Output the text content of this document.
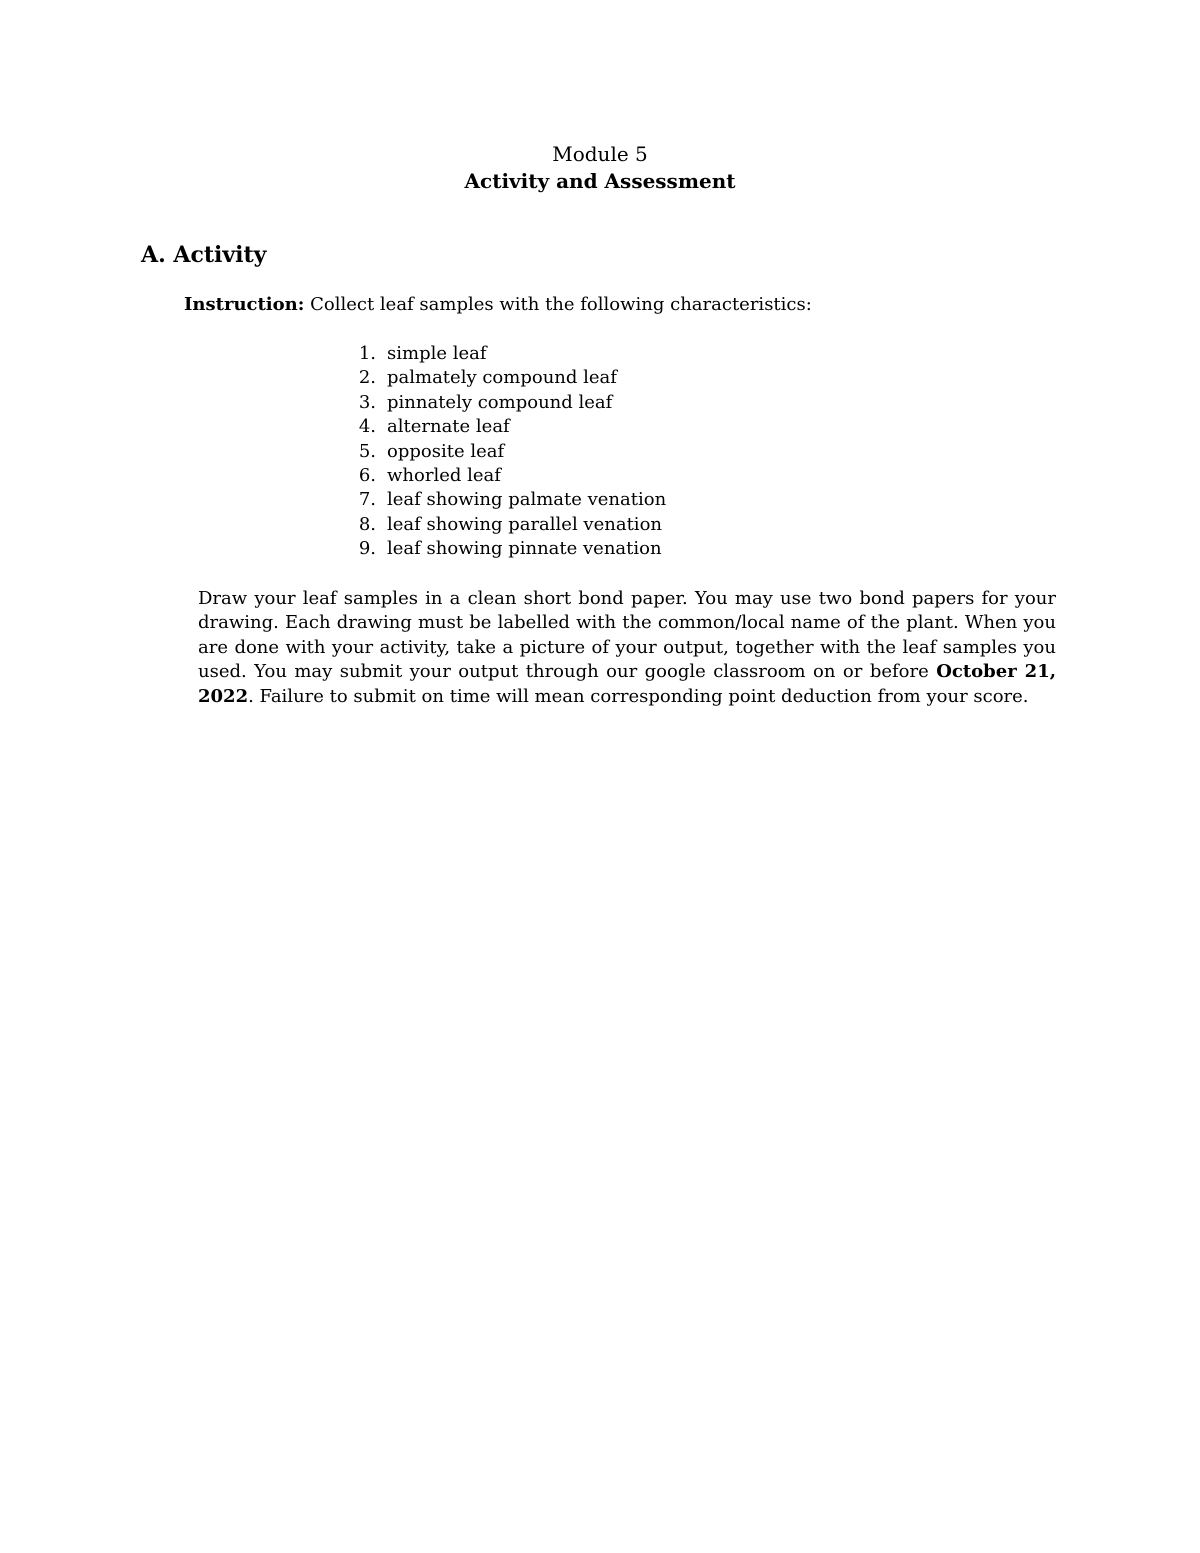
Module 5
Activity and Assessment
A. Activity
Instruction: Collect leaf samples with the following characteristics:
1. simple leaf
2. palmately compound leaf
3. pinnately compound leaf
4. alternate leaf
5. opposite leaf
6. whorled leaf
7. leaf showing palmate venation
8. leaf showing parallel venation
9. leaf showing pinnate venation

Draw your leaf samples in a clean short bond paper. You may use two bond papers for your drawing. Each drawing must be labelled with the common/local name of the plant. When you are done with your activity, take a picture of your output, together with the leaf samples you used. You may submit your output through our google classroom on or before October 21, 2022. Failure to submit on time will mean corresponding point deduction from your score.
